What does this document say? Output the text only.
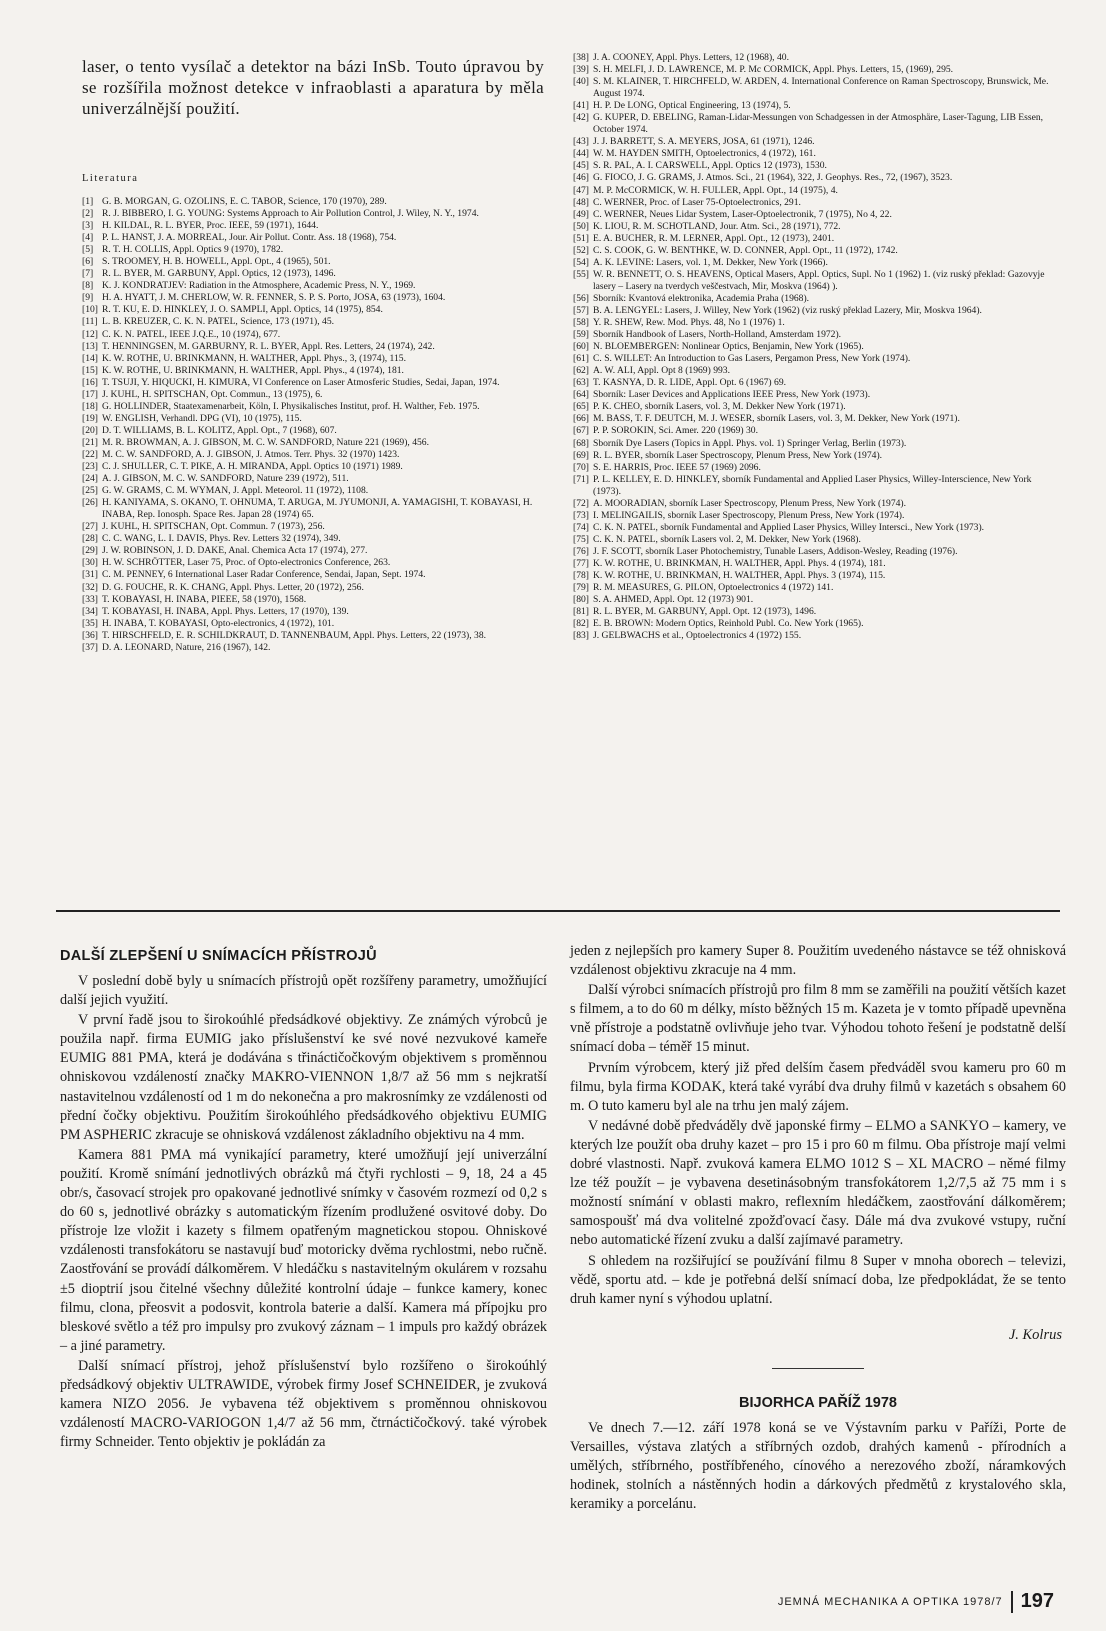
laser, o tento vysílač a detektor na bázi InSb. Touto úpravou by se rozšířila možnost detekce v infraoblasti a aparatura by měla univerzálnější použití.

Literatura
[1] G. B. MORGAN, G. OZOLINS, E. C. TABOR, Science, 170 (1970), 289.
[2] R. J. BIBBERO, I. G. YOUNG: Systems Approach to Air Pollution Control, J. Wiley, N. Y., 1974.
[3] H. KILDAL, R. L. BYER, Proc. IEEE, 59 (1971), 1644.
[4] P. L. HANST, J. A. MORREAL, Jour. Air Pollut. Contr. Ass. 18 (1968), 754.
[5] R. T. H. COLLIS, Appl. Optics 9 (1970), 1782.
[6] S. TROOMEY, H. B. HOWELL, Appl. Opt., 4 (1965), 501.
[7] R. L. BYER, M. GARBUNY, Appl. Optics, 12 (1973), 1496.
[8] K. J. KONDRATJEV: Radiation in the Atmosphere, Academic Press, N. Y., 1969.
[9] H. A. HYATT, J. M. CHERLOW, W. R. FENNER, S. P. S. Porto, JOSA, 63 (1973), 1604.
[10] R. T. KU, E. D. HINKLEY, J. O. SAMPLI, Appl. Optics, 14 (1975), 854.
[11] L. B. KREUZER, C. K. N. PATEL, Science, 173 (1971), 45.
[12] C. K. N. PATEL, IEEE J.Q.E., 10 (1974), 677.
[13] T. HENNINGSEN, M. GARBURNY, R. L. BYER, Appl. Res. Letters, 24 (1974), 242.
[14] K. W. ROTHE, U. BRINKMANN, H. WALTHER, Appl. Phys., 3, (1974), 115.
[15] K. W. ROTHE, U. BRINKMANN, H. WALTHER, Appl. Phys., 4 (1974), 181.
[16] T. TSUJI, Y. HIQUCKI, H. KIMURA, VI Conference on Laser Atmosferic Studies, Sedai, Japan, 1974.
[17] J. KUHL, H. SPITSCHAN, Opt. Commun., 13 (1975), 6.
[18] G. HOLLINDER, Staatexamenarbeit, Köln, I. Physikalisches Institut, prof. H. Walther, Feb. 1975.
[19] W. ENGLISH, Verhandl. DPG (VI), 10 (1975), 115.
[20] D. T. WILLIAMS, B. L. KOLITZ, Appl. Opt., 7 (1968), 607.
[21] M. R. BROWMAN, A. J. GIBSON, M. C. W. SANDFORD, Nature 221 (1969), 456.
[22] M. C. W. SANDFORD, A. J. GIBSON, J. Atmos. Terr. Phys. 32 (1970) 1423.
[23] C. J. SHULLER, C. T. PIKE, A. H. MIRANDA, Appl. Optics 10 (1971) 1989.
[24] A. J. GIBSON, M. C. W. SANDFORD, Nature 239 (1972), 511.
[25] G. W. GRAMS, C. M. WYMAN, J. Appl. Meteorol. 11 (1972), 1108.
[26] H. KANIYAMA, S. OKANO, T. OHNUMA, T. ARUGA, M. JYUMONJI, A. YAMAGISHI, T. KOBAYASI, H. INABA, Rep. Ionosph. Space Res. Japan 28 (1974) 65.
[27] J. KUHL, H. SPITSCHAN, Opt. Commun. 7 (1973), 256.
[28] C. C. WANG, L. I. DAVIS, Phys. Rev. Letters 32 (1974), 349.
[29] J. W. ROBINSON, J. D. DAKE, Anal. Chemica Acta 17 (1974), 277.
[30] H. W. SCHRÖTTER, Laser 75, Proc. of Opto-electronics Conference, 263.
[31] C. M. PENNEY, 6 International Laser Radar Conference, Sendai, Japan, Sept. 1974.
[32] D. G. FOUCHE, R. K. CHANG, Appl. Phys. Letter, 20 (1972), 256.
[33] T. KOBAYASI, H. INABA, PIEEE, 58 (1970), 1568.
[34] T. KOBAYASI, H. INABA, Appl. Phys. Letters, 17 (1970), 139.
[35] H. INABA, T. KOBAYASI, Opto-electronics, 4 (1972), 101.
[36] T. HIRSCHFELD, E. R. SCHILDKRAUT, D. TANNENBAUM, Appl. Phys. Letters, 22 (1973), 38.
[37] D. A. LEONARD, Nature, 216 (1967), 142.
[38] J. A. COONEY, Appl. Phys. Letters, 12 (1968), 40.
[39] S. H. MELFI, J. D. LAWRENCE, M. P. Mc CORMICK, Appl. Phys. Letters, 15, (1969), 295.
[40] S. M. KLAINER, T. HIRCHFELD, W. ARDEN, 4. International Conference on Raman Spectroscopy, Brunswick, Me. August 1974.
[41] H. P. De LONG, Optical Engineering, 13 (1974), 5.
[42] G. KUPER, D. EBELING, Raman-Lidar-Messungen von Schadgessen in der Atmosphäre, Laser-Tagung, LIB Essen, October 1974.
[43] J. J. BARRETT, S. A. MEYERS, JOSA, 61 (1971), 1246.
[44] W. M. HAYDEN SMITH, Optoelectronics, 4 (1972), 161.
[45] S. R. PAL, A. I. CARSWELL, Appl. Optics 12 (1973), 1530.
[46] G. FIOCO, J. G. GRAMS, J. Atmos. Sci., 21 (1964), 322, J. Geophys. Res., 72, (1967), 3523.
[47] M. P. McCORMICK, W. H. FULLER, Appl. Opt., 14 (1975), 4.
[48] C. WERNER, Proc. of Laser 75-Optoelectronics, 291.
[49] C. WERNER, Neues Lidar System, Laser-Optoelectronik, 7 (1975), No 4, 22.
[50] K. LIOU, R. M. SCHOTLAND, Jour. Atm. Sci., 28 (1971), 772.
[51] E. A. BUCHER, R. M. LERNER, Appl. Opt., 12 (1973), 2401.
[52] C. S. COOK, G. W. BENTHKE, W. D. CONNER, Appl. Opt., 11 (1972), 1742.
[54] A. K. LEVINE: Lasers, vol. 1, M. Dekker, New York (1966).
[55] W. R. BENNETT, O. S. HEAVENS, Optical Masers, Appl. Optics, Supl. No 1 (1962) 1. (viz ruský překlad: Gazovyje lasery – Lasery na tverdych veščestvach, Mir, Moskva (1964) ).
[56] Sborník: Kvantová elektronika, Academia Praha (1968).
[57] B. A. LENGYEL: Lasers, J. Willey, New York (1962) (viz ruský překlad Lazery, Mir, Moskva 1964).
[58] Y. R. SHEW, Rew. Mod. Phys. 48, No 1 (1976) 1.
[59] Sborník Handbook of Lasers, North-Holland, Amsterdam 1972).
[60] N. BLOEMBERGEN: Nonlinear Optics, Benjamin, New York (1965).
[61] C. S. WILLET: An Introduction to Gas Lasers, Pergamon Press, New York (1974).
[62] A. W. ALI, Appl. Opt 8 (1969) 993.
[63] T. KASNYA, D. R. LIDE, Appl. Opt. 6 (1967) 69.
[64] Sborník: Laser Devices and Applications IEEE Press, New York (1973).
[65] P. K. CHEO, sborník Lasers, vol. 3, M. Dekker New York (1971).
[66] M. BASS, T. F. DEUTCH, M. J. WESER, sborník Lasers, vol. 3, M. Dekker, New York (1971).
[67] P. P. SOROKIN, Sci. Amer. 220 (1969) 30.
[68] Sborník Dye Lasers (Topics in Appl. Phys. vol. 1) Springer Verlag, Berlin (1973).
[69] R. L. BYER, sborník Laser Spectroscopy, Plenum Press, New York (1974).
[70] S. E. HARRIS, Proc. IEEE 57 (1969) 2096.
[71] P. L. KELLEY, E. D. HINKLEY, sborník Fundamental and Applied Laser Physics, Willey-Interscience, New York (1973).
[72] A. MOORADIAN, sborník Laser Spectroscopy, Plenum Press, New York (1974).
[73] I. MELINGAILIS, sborník Laser Spectroscopy, Plenum Press, New York (1974).
[74] C. K. N. PATEL, sborník Fundamental and Applied Laser Physics, Willey Intersci., New York (1973).
[75] C. K. N. PATEL, sborník Lasers vol. 2, M. Dekker, New York (1968).
[76] J. F. SCOTT, sborník Laser Photochemistry, Tunable Lasers, Addison-Wesley, Reading (1976).
[77] K. W. ROTHE, U. BRINKMAN, H. WALTHER, Appl. Phys. 4 (1974), 181.
[78] K. W. ROTHE, U. BRINKMAN, H. WALTHER, Appl. Phys. 3 (1974), 115.
[79] R. M. MEASURES, G. PILON, Optoelectronics 4 (1972) 141.
[80] S. A. AHMED, Appl. Opt. 12 (1973) 901.
[81] R. L. BYER, M. GARBUNY, Appl. Opt. 12 (1973), 1496.
[82] E. B. BROWN: Modern Optics, Reinhold Publ. Co. New York (1965).
[83] J. GELBWACHS et al., Optoelectronics 4 (1972) 155.
DALŠÍ ZLEPŠENÍ U SNÍMACÍCH PŘÍSTROJŮ

V poslední době byly u snímacích přístrojů opět rozšířeny parametry, umožňující další jejich využití.

V první řadě jsou to širokoúhlé předsádkové objektivy. Ze známých výrobců je použila např. firma EUMIG jako příslušenství ke své nové nezvukové kameře EUMIG 881 PMA, která je dodávána s třináctičočkovým objektivem s proměnnou ohniskovou vzdáleností značky MAKRO-VIENNON 1,8/7 až 56 mm s nejkratší nastavitelnou vzdáleností od 1 m do nekonečna a pro makrosnímky ze vzdálenosti od přední čočky objektivu. Použitím širokoúhlého předsádkového objektivu EUMIG PM ASPHERIC zkracuje se ohnisková vzdálenost základního objektivu na 4 mm.

Kamera 881 PMA má vynikající parametry, které umožňují její univerzální použití. Kromě snímání jednotlivých obrázků má čtyři rychlosti – 9, 18, 24 a 45 obr/s, časovací strojek pro opakované jednotlivé snímky v časovém rozmezí od 0,2 s do 60 s, jednotlivé obrázky s automatickým řízením prodlužené osvitové doby. Do přístroje lze vložit i kazety s filmem opatřeným magnetickou stopou. Ohniskové vzdálenosti transfokátoru se nastavují buď motoricky dvěma rychlostmi, nebo ručně. Zaostřování se provádí dálkoměrem. V hledáčku s nastavitelným okulárem v rozsahu ±5 dioptrií jsou čitelné všechny důležité kontrolní údaje – funkce kamery, konec filmu, clona, přeosvit a podosvit, kontrola baterie a další. Kamera má přípojku pro bleskové světlo a též pro impulsy pro zvukový záznam – 1 impuls pro každý obrázek – a jiné parametry.

Další snímací přístroj, jehož příslušenství bylo rozšířeno o širokoúhlý předsádkový objektiv ULTRAWIDE, výrobek firmy Josef SCHNEIDER, je zvuková kamera NIZO 2056. Je vybavena též objektivem s proměnnou ohniskovou vzdáleností MACRO-VARIOGON 1,4/7 až 56 mm, čtrnáctičočkový. také výrobek firmy Schneider. Tento objektiv je pokládán za

jeden z nejlepších pro kamery Super 8. Použitím uvedeného nástavce se též ohnisková vzdálenost objektivu zkracuje na 4 mm.

Další výrobci snímacích přístrojů pro film 8 mm se zaměřili na použití větších kazet s filmem, a to do 60 m délky, místo běžných 15 m. Kazeta je v tomto případě upevněna vně přístroje a podstatně ovlivňuje jeho tvar. Výhodou tohoto řešení je podstatně delší snímací doba – téměř 15 minut.

Prvním výrobcem, který již před delším časem předváděl svou kameru pro 60 m filmu, byla firma KODAK, která také vyrábí dva druhy filmů v kazetách s obsahem 60 m. O tuto kameru byl ale na trhu jen malý zájem.

V nedávné době předváděly dvě japonské firmy – ELMO a SANKYO – kamery, ve kterých lze použít oba druhy kazet – pro 15 i pro 60 m filmu. Oba přístroje mají velmi dobré vlastnosti. Např. zvuková kamera ELMO 1012 S – XL MACRO – němé filmy lze též použít – je vybavena desetinásobným transfokátorem 1,2/7,5 až 75 mm i s možností snímání v oblasti makro, reflexním hledáčkem, zaostřování dálkoměrem; samospoušť má dva volitelné zpožďovací časy. Dále má dva zvukové vstupy, ruční nebo automatické řízení zvuku a další zajímavé parametry.

S ohledem na rozšiřující se používání filmu 8 Super v mnoha oborech – televizi, vědě, sportu atd. – kde je potřebná delší snímací doba, lze předpokládat, že se tento druh kamer nyní s výhodou uplatní.

J. Kolrus
BIJORHCA PAŘÍŽ 1978

Ve dnech 7.—12. září 1978 koná se ve Výstavním parku v Paříži, Porte de Versailles, výstava zlatých a stříbrných ozdob, drahých kamenů - přírodních a umělých, stříbrného, postříbřeného, cínového a nerezového zboží, náramkových hodinek, stolních a nástěnných hodin a dárkových předmětů z krystalového skla, keramiky a porcelánu.

JEMNÁ MECHANIKA A OPTIKA 1978/7 197
